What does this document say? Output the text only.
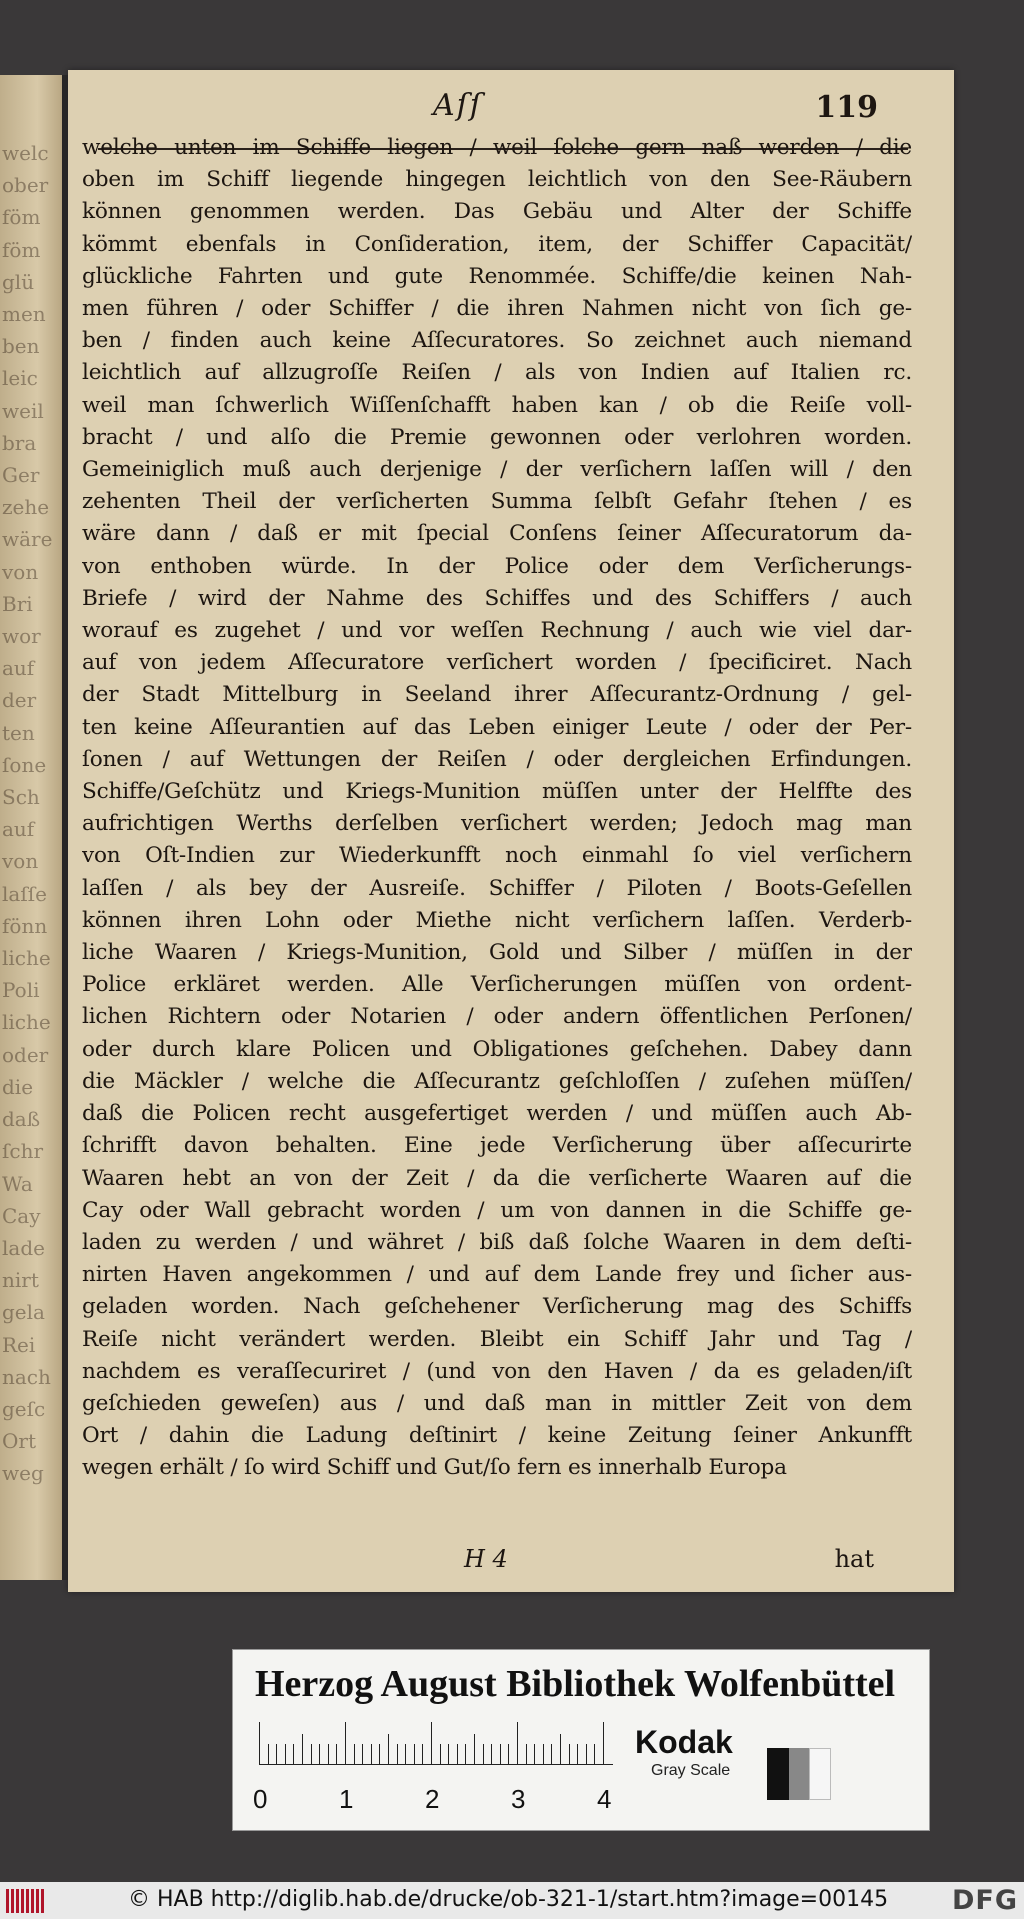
welc
ober
föm
föm
glü
men
ben
leic
weil
bra
Ger
zehe
wäre
von
Bri
wor
auf
der
ten
ſone
Sch
auf
von
laſſe
fönn
liche
Poli
liche
oder
die
daß
ſchr
Wa
Cay
lade
nirt
gela
Rei
nach
geſc
Ort
weg
Aſſ	119
welche unten im Schiffe liegen / weil ſolche gern naß werden / die
oben im Schiff liegende hingegen leichtlich von den See-Räubern
können genommen werden. Das Gebäu und Alter der Schiffe
kömmt ebenfals in Conſideration, item, der Schiffer Capacität/
glückliche Fahrten und gute Renommée. Schiffe/die keinen Nah-
men führen / oder Schiffer / die ihren Nahmen nicht von ſich ge-
ben / finden auch keine Aſſecuratores. So zeichnet auch niemand
leichtlich auf allzugroſſe Reiſen / als von Indien auf Italien rc.
weil man ſchwerlich Wiſſenſchafft haben kan / ob die Reiſe voll-
bracht / und alſo die Premie gewonnen oder verlohren worden.
Gemeiniglich muß auch derjenige / der verſichern laſſen will / den
zehenten Theil der verſicherten Summa ſelbſt Gefahr ſtehen / es
wäre dann / daß er mit ſpecial Conſens ſeiner Aſſecuratorum da-
von enthoben würde. In der Police oder dem Verſicherungs-
Briefe / wird der Nahme des Schiffes und des Schiffers / auch
worauf es zugehet / und vor weſſen Rechnung / auch wie viel dar-
auf von jedem Aſſecuratore verſichert worden / ſpecificiret. Nach
der Stadt Mittelburg in Seeland ihrer Aſſecurantz-Ordnung / gel-
ten keine Aſſeurantien auf das Leben einiger Leute / oder der Per-
ſonen / auf Wettungen der Reiſen / oder dergleichen Erfindungen.
Schiffe/Geſchütz und Kriegs-Munition müſſen unter der Helffte des
aufrichtigen Werths derſelben verſichert werden; Jedoch mag man
von Oſt-Indien zur Wiederkunfft noch einmahl ſo viel verſichern
laſſen / als bey der Ausreiſe. Schiffer / Piloten / Boots-Geſellen
können ihren Lohn oder Miethe nicht verſichern laſſen. Verderb-
liche Waaren / Kriegs-Munition, Gold und Silber / müſſen in der
Police erkläret werden. Alle Verſicherungen müſſen von ordent-
lichen Richtern oder Notarien / oder andern öffentlichen Perſonen/
oder durch klare Policen und Obligationes geſchehen. Dabey dann
die Mäckler / welche die Aſſecurantz geſchloſſen / zuſehen müſſen/
daß die Policen recht ausgefertiget werden / und müſſen auch Ab-
ſchrifft davon behalten. Eine jede Verſicherung über aſſecurirte
Waaren hebt an von der Zeit / da die verſicherte Waaren auf die
Cay oder Wall gebracht worden / um von dannen in die Schiffe ge-
laden zu werden / und währet / biß daß ſolche Waaren in dem deſti-
nirten Haven angekommen / und auf dem Lande frey und ſicher aus-
geladen worden. Nach geſchehener Verſicherung mag des Schiffs
Reiſe nicht verändert werden. Bleibt ein Schiff Jahr und Tag /
nachdem es veraſſecuriret / (und von den Haven / da es geladen/iſt
geſchieden geweſen) aus / und daß man in mittler Zeit von dem
Ort / dahin die Ladung deſtinirt / keine Zeitung ſeiner Ankunfft
wegen erhält / ſo wird Schiff und Gut/ſo fern es innerhalb Europa
H 4	hat
Herzog August Bibliothek Wolfenbüttel
0	1	2	3	4
Kodak
Gray Scale
© HAB http://diglib.hab.de/drucke/ob-321-1/start.htm?image=00145 DFG
